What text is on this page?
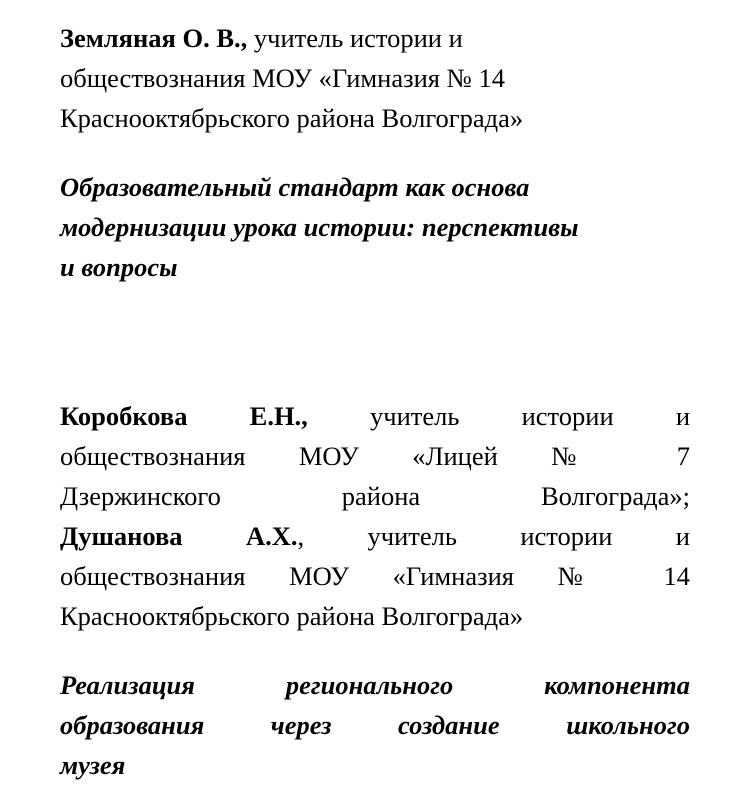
Земляная О. В., учитель истории и
обществознания МОУ «Гимназия № 14
Краснооктябрьского района Волгограда»
Образовательный стандарт как основа
модернизации урока истории: перспективы
и вопросы
Коробкова Е.Н., учитель истории и
обществознания МОУ «Лицей № 7
Дзержинского района Волгограда»;
Душанова А.Х., учитель истории и
обществознания МОУ «Гимназия № 14
Краснооктябрьского района Волгограда»
Реализация регионального компонента
образования через создание школьного
музея
